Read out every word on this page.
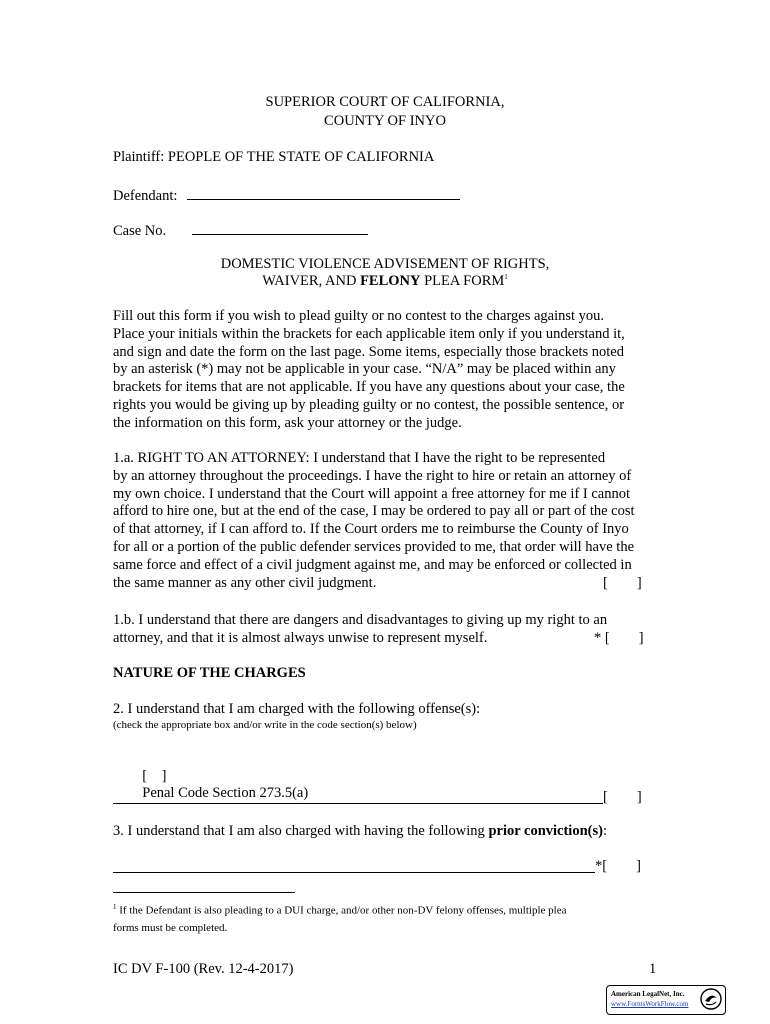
SUPERIOR COURT OF CALIFORNIA,
COUNTY OF INYO
Plaintiff: PEOPLE OF THE STATE OF CALIFORNIA
Defendant:
Case No.
DOMESTIC VIOLENCE ADVISEMENT OF RIGHTS,
WAIVER, AND FELONY PLEA FORM$^1$
Fill out this form if you wish to plead guilty or no contest to the charges against you.
Place your initials within the brackets for each applicable item only if you understand it,
and sign and date the form on the last page. Some items, especially those brackets noted
by an asterisk (*) may not be applicable in your case. “N/A” may be placed within any
brackets for items that are not applicable. If you have any questions about your case, the
rights you would be giving up by pleading guilty or no contest, the possible sentence, or
the information on this form, ask your attorney or the judge.
1.a. RIGHT TO AN ATTORNEY: I understand that I have the right to be represented
by an attorney throughout the proceedings. I have the right to hire or retain an attorney of
my own choice. I understand that the Court will appoint a free attorney for me if I cannot
afford to hire one, but at the end of the case, I may be ordered to pay all or part of the cost
of that attorney, if I can afford to. If the Court orders me to reimburse the County of Inyo
for all or a portion of the public defender services provided to me, that order will have the
same force and effect of a civil judgment against me, and may be enforced or collected in
the same manner as any other civil judgment.	[        ]
1.b. I understand that there are dangers and disadvantages to giving up my right to an
attorney, and that it is almost always unwise to represent myself.	* [        ]
NATURE OF THE CHARGES
2. I understand that I am charged with the following offense(s):
(check the appropriate box and/or write in the code section(s) below)

[    ]
Penal Code Section 273.5(a)	[        ]
3. I understand that I am also charged with having the following prior conviction(s):
*[        ]
$^1$ If the Defendant is also pleading to a DUI charge, and/or other non-DV felony offenses, multiple plea
forms must be completed.
IC DV F-100 (Rev. 12-4-2017)	1
American LegalNet, Inc.
www.FormsWorkFlow.com
